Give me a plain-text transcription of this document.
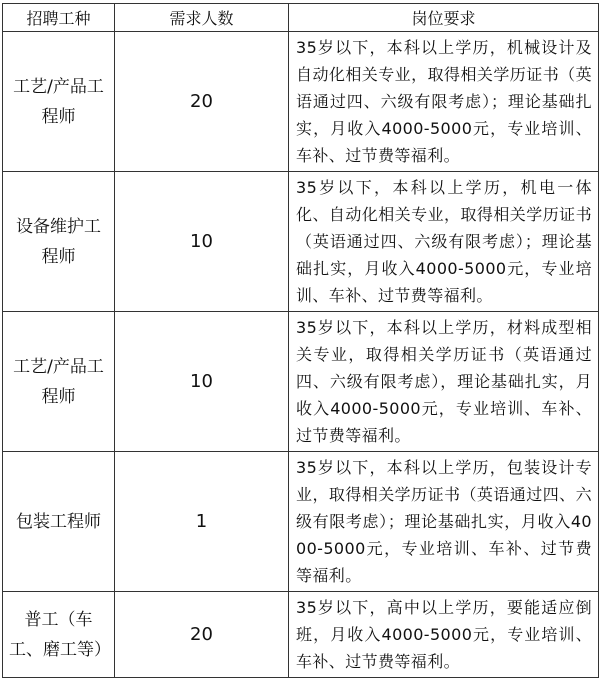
招聘工种	需求人数	岗位要求
工艺/产品工程师	20	35岁以下，本科以上学历，机械设计及自动化相关专业，取得相关学历证书（英语通过四、六级有限考虑）；理论基础扎实，月收入4000-5000元，专业培训、车补、过节费等福利。
设备维护工程师	10	35岁以下，本科以上学历，机电一体化、自动化相关专业，取得相关学历证书（英语通过四、六级有限考虑）；理论基础扎实，月收入4000-5000元，专业培训、车补、过节费等福利。
工艺/产品工程师	10	35岁以下，本科以上学历，材料成型相关专业，取得相关学历证书（英语通过四、六级有限考虑），理论基础扎实，月收入4000-5000元，专业培训、车补、过节费等福利。
包装工程师	1	35岁以下，本科以上学历，包装设计专业，取得相关学历证书（英语通过四、六级有限考虑）；理论基础扎实，月收入4000-5000元，专业培训、车补、过节费等福利。
普工（车工、磨工等）	20	35岁以下，高中以上学历，要能适应倒班，月收入4000-5000元，专业培训、车补、过节费等福利。
